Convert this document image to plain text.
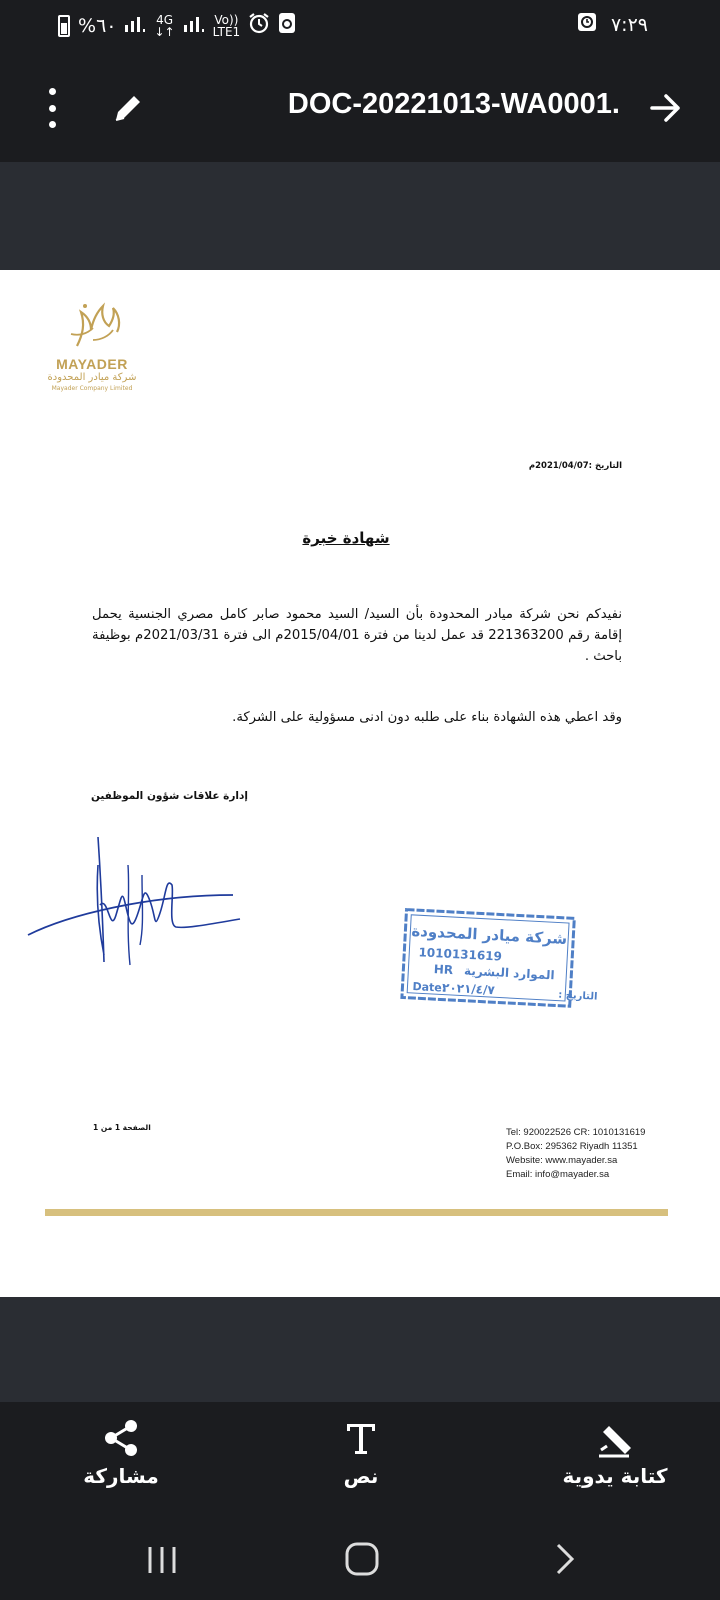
%٦٠	4G
↓↑
Vo))
LTE1	٧:٢٩
DOC-20221013-WA0001.
MAYADER
شركة ميادر المحدودة
Mayader Company Limited
التاريخ :2021/04/07م
شهادة خبرة
نفيدكم نحن شركة ميادر المحدودة بأن السيد/ السيد محمود صابر كامل مصري الجنسية يحمل إقامة رقم 221363200 قد عمل لدينا من فترة 2015/04/01م الى فترة 2021/03/31م بوظيفة باحث .
وقد اعطي هذه الشهادة بناء على طلبه دون ادنى مسؤولية على الشركة.
إدارة علاقات شؤون الموظفين
شركة ميادر المحدودة
1010131619
HR الموارد البشرية
Date:
٢٠٢١/٤/٧	التاريخ :
الصفحة 1 من 1	Tel: 920022526 CR: 1010131619
P.O.Box: 295362 Riyadh 11351
Website: www.mayader.sa
Email: info@mayader.sa
مشاركة	نص	كتابة يدوية
